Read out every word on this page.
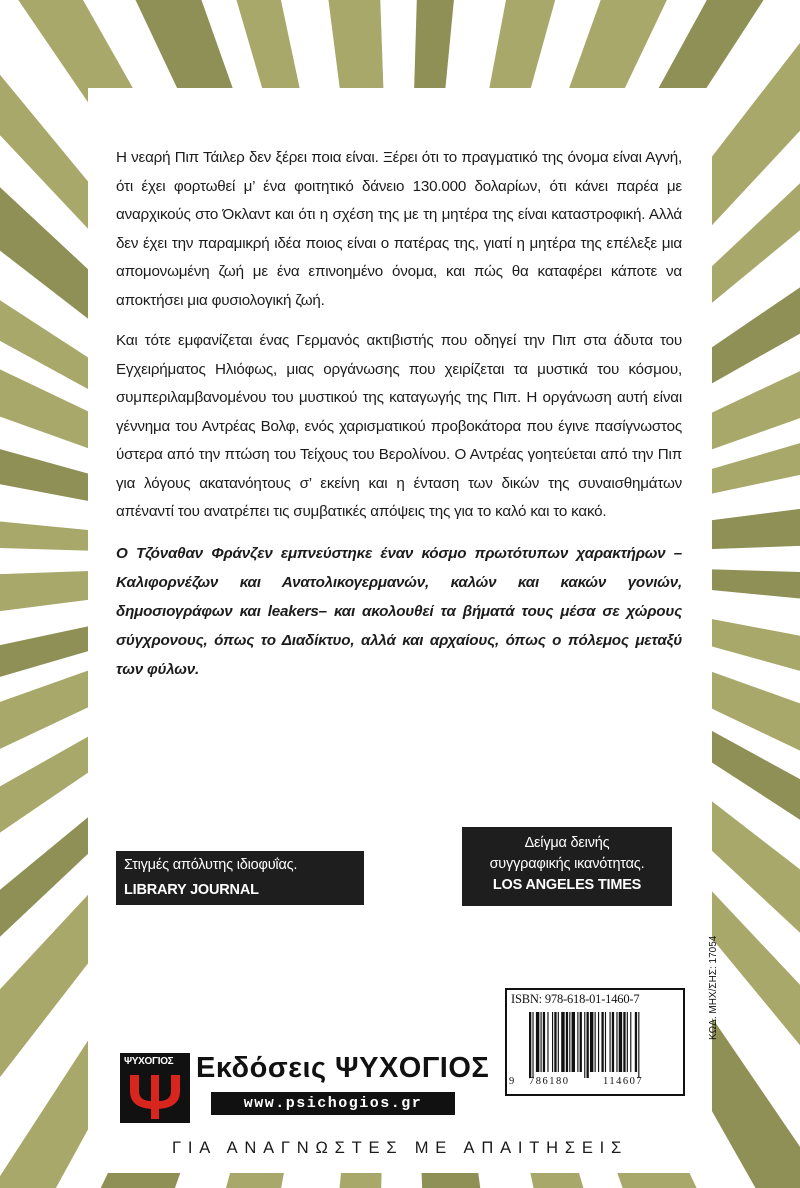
Η νεαρή Πιπ Τάιλερ δεν ξέρει ποια είναι. Ξέρει ότι το πραγματικό της όνομα είναι Αγνή, ότι έχει φορτωθεί μ’ ένα φοιτητικό δάνειο 130.000 δολαρίων, ότι κάνει παρέα με αναρχικούς στο Όκλαντ και ότι η σχέση της με τη μητέρα της είναι καταστροφική. Αλλά δεν έχει την παραμικρή ιδέα ποιος είναι ο πατέρας της, γιατί η μητέρα της επέλεξε μια απομονωμένη ζωή με ένα επινοημένο όνομα, και πώς θα καταφέρει κάποτε να αποκτήσει μια φυσιολογική ζωή.

Και τότε εμφανίζεται ένας Γερμανός ακτιβιστής που οδηγεί την Πιπ στα άδυτα του Εγχειρήματος Ηλιόφως, μιας οργάνωσης που χειρίζεται τα μυστικά του κόσμου, συμπεριλαμβανομένου του μυστικού της καταγωγής της Πιπ. Η οργάνωση αυτή είναι γέννημα του Αντρέας Βολφ, ενός χαρισματικού προβοκάτορα που έγινε πασίγνωστος ύστερα από την πτώση του Τείχους του Βερολίνου. Ο Αντρέας γοητεύεται από την Πιπ για λόγους ακατανόητους σ’ εκείνη και η ένταση των δικών της συναισθημάτων απέναντί του ανατρέπει τις συμβατικές απόψεις της για το καλό και το κακό.

Ο Τζόναθαν Φράνζεν εμπνεύστηκε έναν κόσμο πρωτότυπων χαρακτήρων –Καλιφορνέζων και Ανατολικογερμανών, καλών και κακών γονιών, δημοσιογράφων και leakers– και ακολουθεί τα βήματά τους μέσα σε χώρους σύγχρονους, όπως το Διαδίκτυο, αλλά και αρχαίους, όπως ο πόλεμος μεταξύ των φύλων.

Στιγμές απόλυτης ιδιοφυΐας.
LIBRARY JOURNAL
Δείγμα δεινής
συγγραφικής ικανότητας.
LOS ANGELES TIMES
ISBN: 978-618-01-1460-7
9 786180	114607
ΚΩΔ. ΜΗΧ/ΣΗΣ: 17054
ΨΥΧΟΓΙΟΣ Εκδόσεις ΨΥΧΟΓΙΟΣ
www.psichogios.gr
ΓΙΑ ΑΝΑΓΝΩΣΤΕΣ ΜΕ ΑΠΑΙΤΗΣΕΙΣ
